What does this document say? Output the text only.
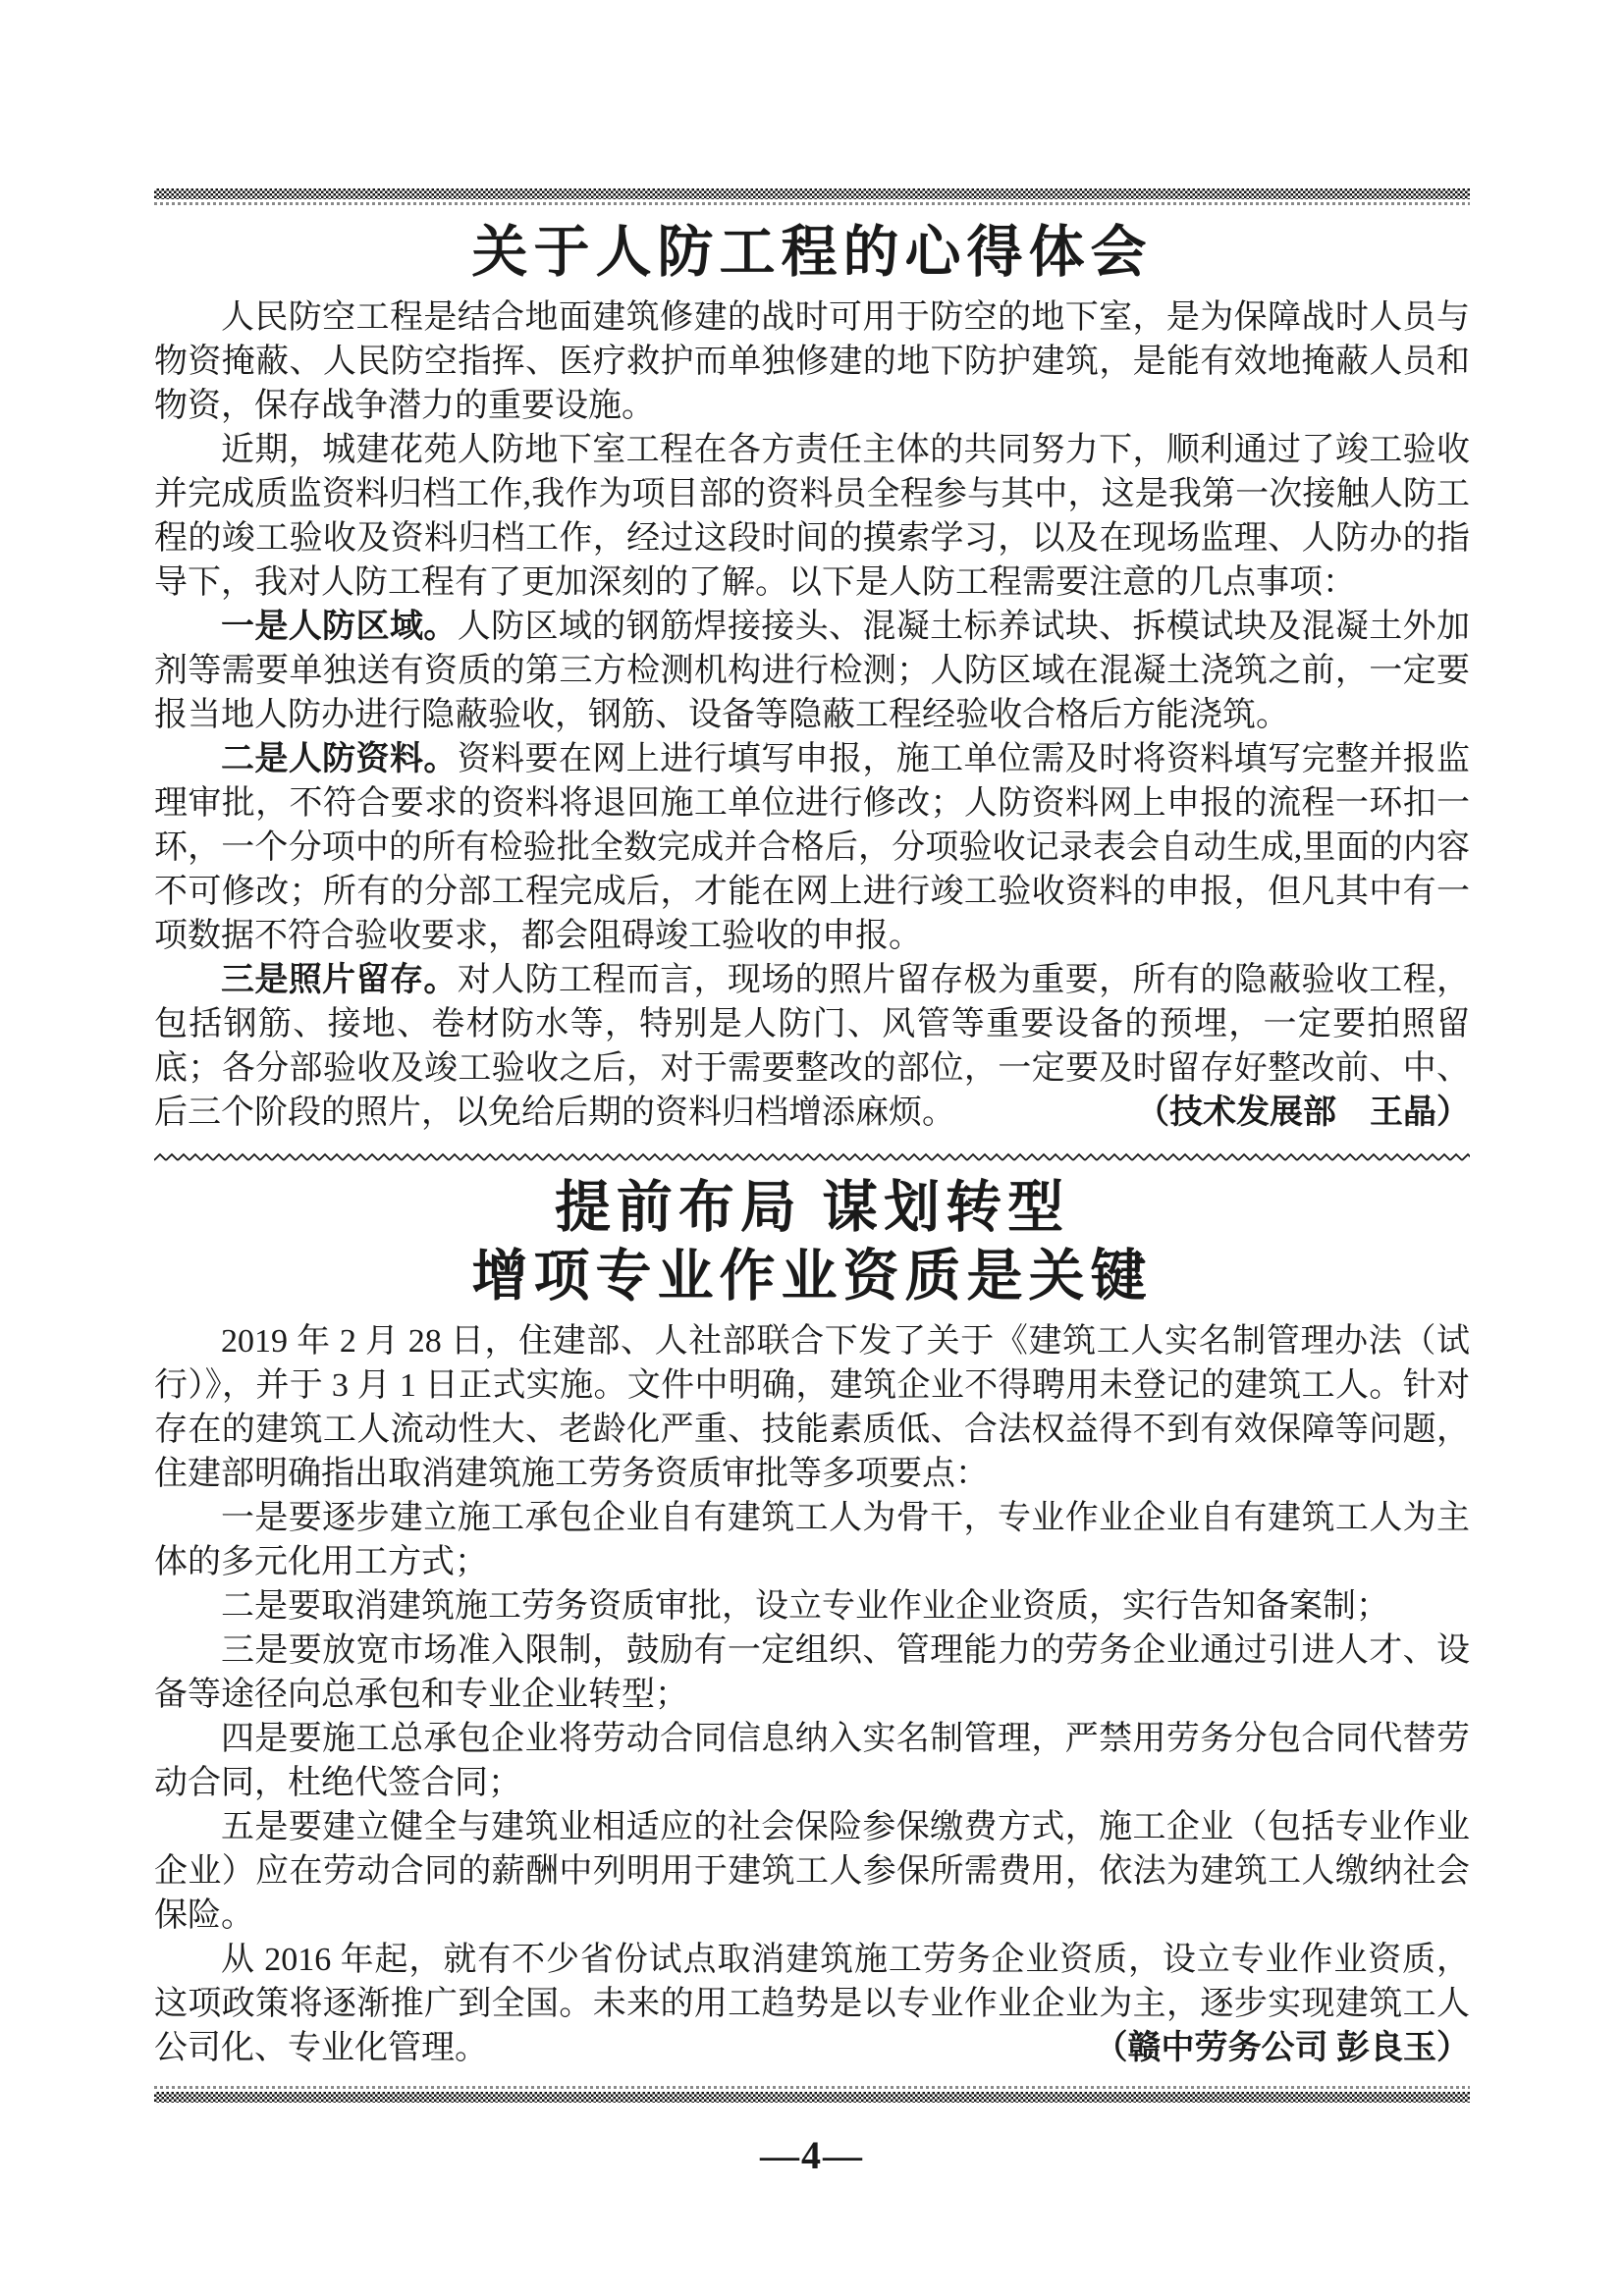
关于人防工程的心得体会

人民防空工程是结合地面建筑修建的战时可用于防空的地下室，是为保障战时人员与物资掩蔽、人民防空指挥、医疗救护而单独修建的地下防护建筑，是能有效地掩蔽人员和物资，保存战争潜力的重要设施。

近期，城建花苑人防地下室工程在各方责任主体的共同努力下，顺利通过了竣工验收并完成质监资料归档工作,我作为项目部的资料员全程参与其中，这是我第一次接触人防工程的竣工验收及资料归档工作，经过这段时间的摸索学习，以及在现场监理、人防办的指导下，我对人防工程有了更加深刻的了解。以下是人防工程需要注意的几点事项：

一是人防区域。人防区域的钢筋焊接接头、混凝土标养试块、拆模试块及混凝土外加剂等需要单独送有资质的第三方检测机构进行检测；人防区域在混凝土浇筑之前，一定要报当地人防办进行隐蔽验收，钢筋、设备等隐蔽工程经验收合格后方能浇筑。

二是人防资料。资料要在网上进行填写申报，施工单位需及时将资料填写完整并报监理审批，不符合要求的资料将退回施工单位进行修改；人防资料网上申报的流程一环扣一环，一个分项中的所有检验批全数完成并合格后，分项验收记录表会自动生成,里面的内容不可修改；所有的分部工程完成后，才能在网上进行竣工验收资料的申报，但凡其中有一项数据不符合验收要求，都会阻碍竣工验收的申报。

三是照片留存。对人防工程而言，现场的照片留存极为重要，所有的隐蔽验收工程，包括钢筋、接地、卷材防水等，特别是人防门、风管等重要设备的预埋，一定要拍照留底；各分部验收及竣工验收之后，对于需要整改的部位，一定要及时留存好整改前、中、后三个阶段的照片，以免给后期的资料归档增添麻烦。	（技术发展部　王晶）

提前布局 谋划转型
增项专业作业资质是关键

2019 年 2 月 28 日，住建部、人社部联合下发了关于《建筑工人实名制管理办法（试行）》，并于 3 月 1 日正式实施。文件中明确，建筑企业不得聘用未登记的建筑工人。针对存在的建筑工人流动性大、老龄化严重、技能素质低、合法权益得不到有效保障等问题，住建部明确指出取消建筑施工劳务资质审批等多项要点：

一是要逐步建立施工承包企业自有建筑工人为骨干，专业作业企业自有建筑工人为主体的多元化用工方式；

二是要取消建筑施工劳务资质审批，设立专业作业企业资质，实行告知备案制；

三是要放宽市场准入限制，鼓励有一定组织、管理能力的劳务企业通过引进人才、设备等途径向总承包和专业企业转型；

四是要施工总承包企业将劳动合同信息纳入实名制管理，严禁用劳务分包合同代替劳动合同，杜绝代签合同；

五是要建立健全与建筑业相适应的社会保险参保缴费方式，施工企业（包括专业作业企业）应在劳动合同的薪酬中列明用于建筑工人参保所需费用，依法为建筑工人缴纳社会保险。

从 2016 年起，就有不少省份试点取消建筑施工劳务企业资质，设立专业作业资质，这项政策将逐渐推广到全国。未来的用工趋势是以专业作业企业为主，逐步实现建筑工人公司化、专业化管理。	（赣中劳务公司 彭良玉）

—4—
